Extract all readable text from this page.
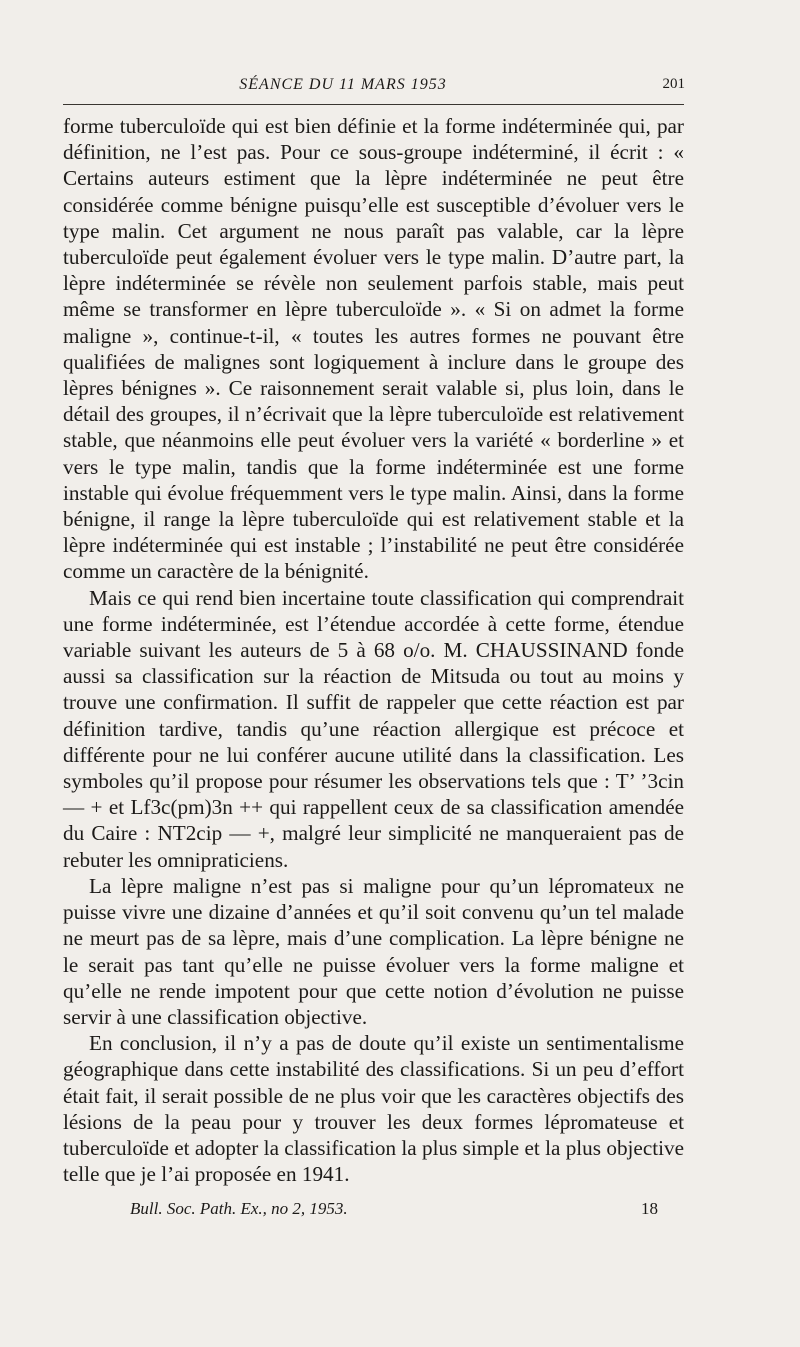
SÉANCE DU 11 MARS 1953	201

forme tuberculoïde qui est bien définie et la forme indéterminée qui, par définition, ne l’est pas. Pour ce sous-groupe indéterminé, il écrit : « Certains auteurs estiment que la lèpre indéterminée ne peut être considérée comme bénigne puisqu’elle est susceptible d’évoluer vers le type malin. Cet argument ne nous paraît pas valable, car la lèpre tuberculoïde peut également évoluer vers le type malin. D’autre part, la lèpre indéterminée se révèle non seulement parfois stable, mais peut même se transformer en lèpre tuberculoïde ». « Si on admet la forme maligne », continue-t-il, « toutes les autres formes ne pouvant être qualifiées de malignes sont logiquement à inclure dans le groupe des lèpres bénignes ». Ce raisonnement serait valable si, plus loin, dans le détail des groupes, il n’écrivait que la lèpre tuberculoïde est relativement stable, que néanmoins elle peut évoluer vers la variété « borderline » et vers le type malin, tandis que la forme indéterminée est une forme instable qui évolue fréquemment vers le type malin. Ainsi, dans la forme bénigne, il range la lèpre tuberculoïde qui est relativement stable et la lèpre indéterminée qui est instable ; l’instabilité ne peut être considérée comme un caractère de la bénignité.

Mais ce qui rend bien incertaine toute classification qui comprendrait une forme indéterminée, est l’étendue accordée à cette forme, étendue variable suivant les auteurs de 5 à 68 o/o. M. CHAUSSINAND fonde aussi sa classification sur la réaction de Mitsuda ou tout au moins y trouve une confirmation. Il suffit de rappeler que cette réaction est par définition tardive, tandis qu’une réaction allergique est précoce et différente pour ne lui conférer aucune utilité dans la classification. Les symboles qu’il propose pour résumer les observations tels que : T’ ’3cin — + et Lf3c(pm)3n ++ qui rappellent ceux de sa classification amendée du Caire : NT2cip — +, malgré leur simplicité ne manqueraient pas de rebuter les omnipraticiens.

La lèpre maligne n’est pas si maligne pour qu’un lépromateux ne puisse vivre une dizaine d’années et qu’il soit convenu qu’un tel malade ne meurt pas de sa lèpre, mais d’une complication. La lèpre bénigne ne le serait pas tant qu’elle ne puisse évoluer vers la forme maligne et qu’elle ne rende impotent pour que cette notion d’évolution ne puisse servir à une classification objective.

En conclusion, il n’y a pas de doute qu’il existe un sentimentalisme géographique dans cette instabilité des classifications. Si un peu d’effort était fait, il serait possible de ne plus voir que les caractères objectifs des lésions de la peau pour y trouver les deux formes lépromateuse et tuberculoïde et adopter la classification la plus simple et la plus objective telle que je l’ai proposée en 1941.

Bull. Soc. Path. Ex., no 2, 1953.	18
